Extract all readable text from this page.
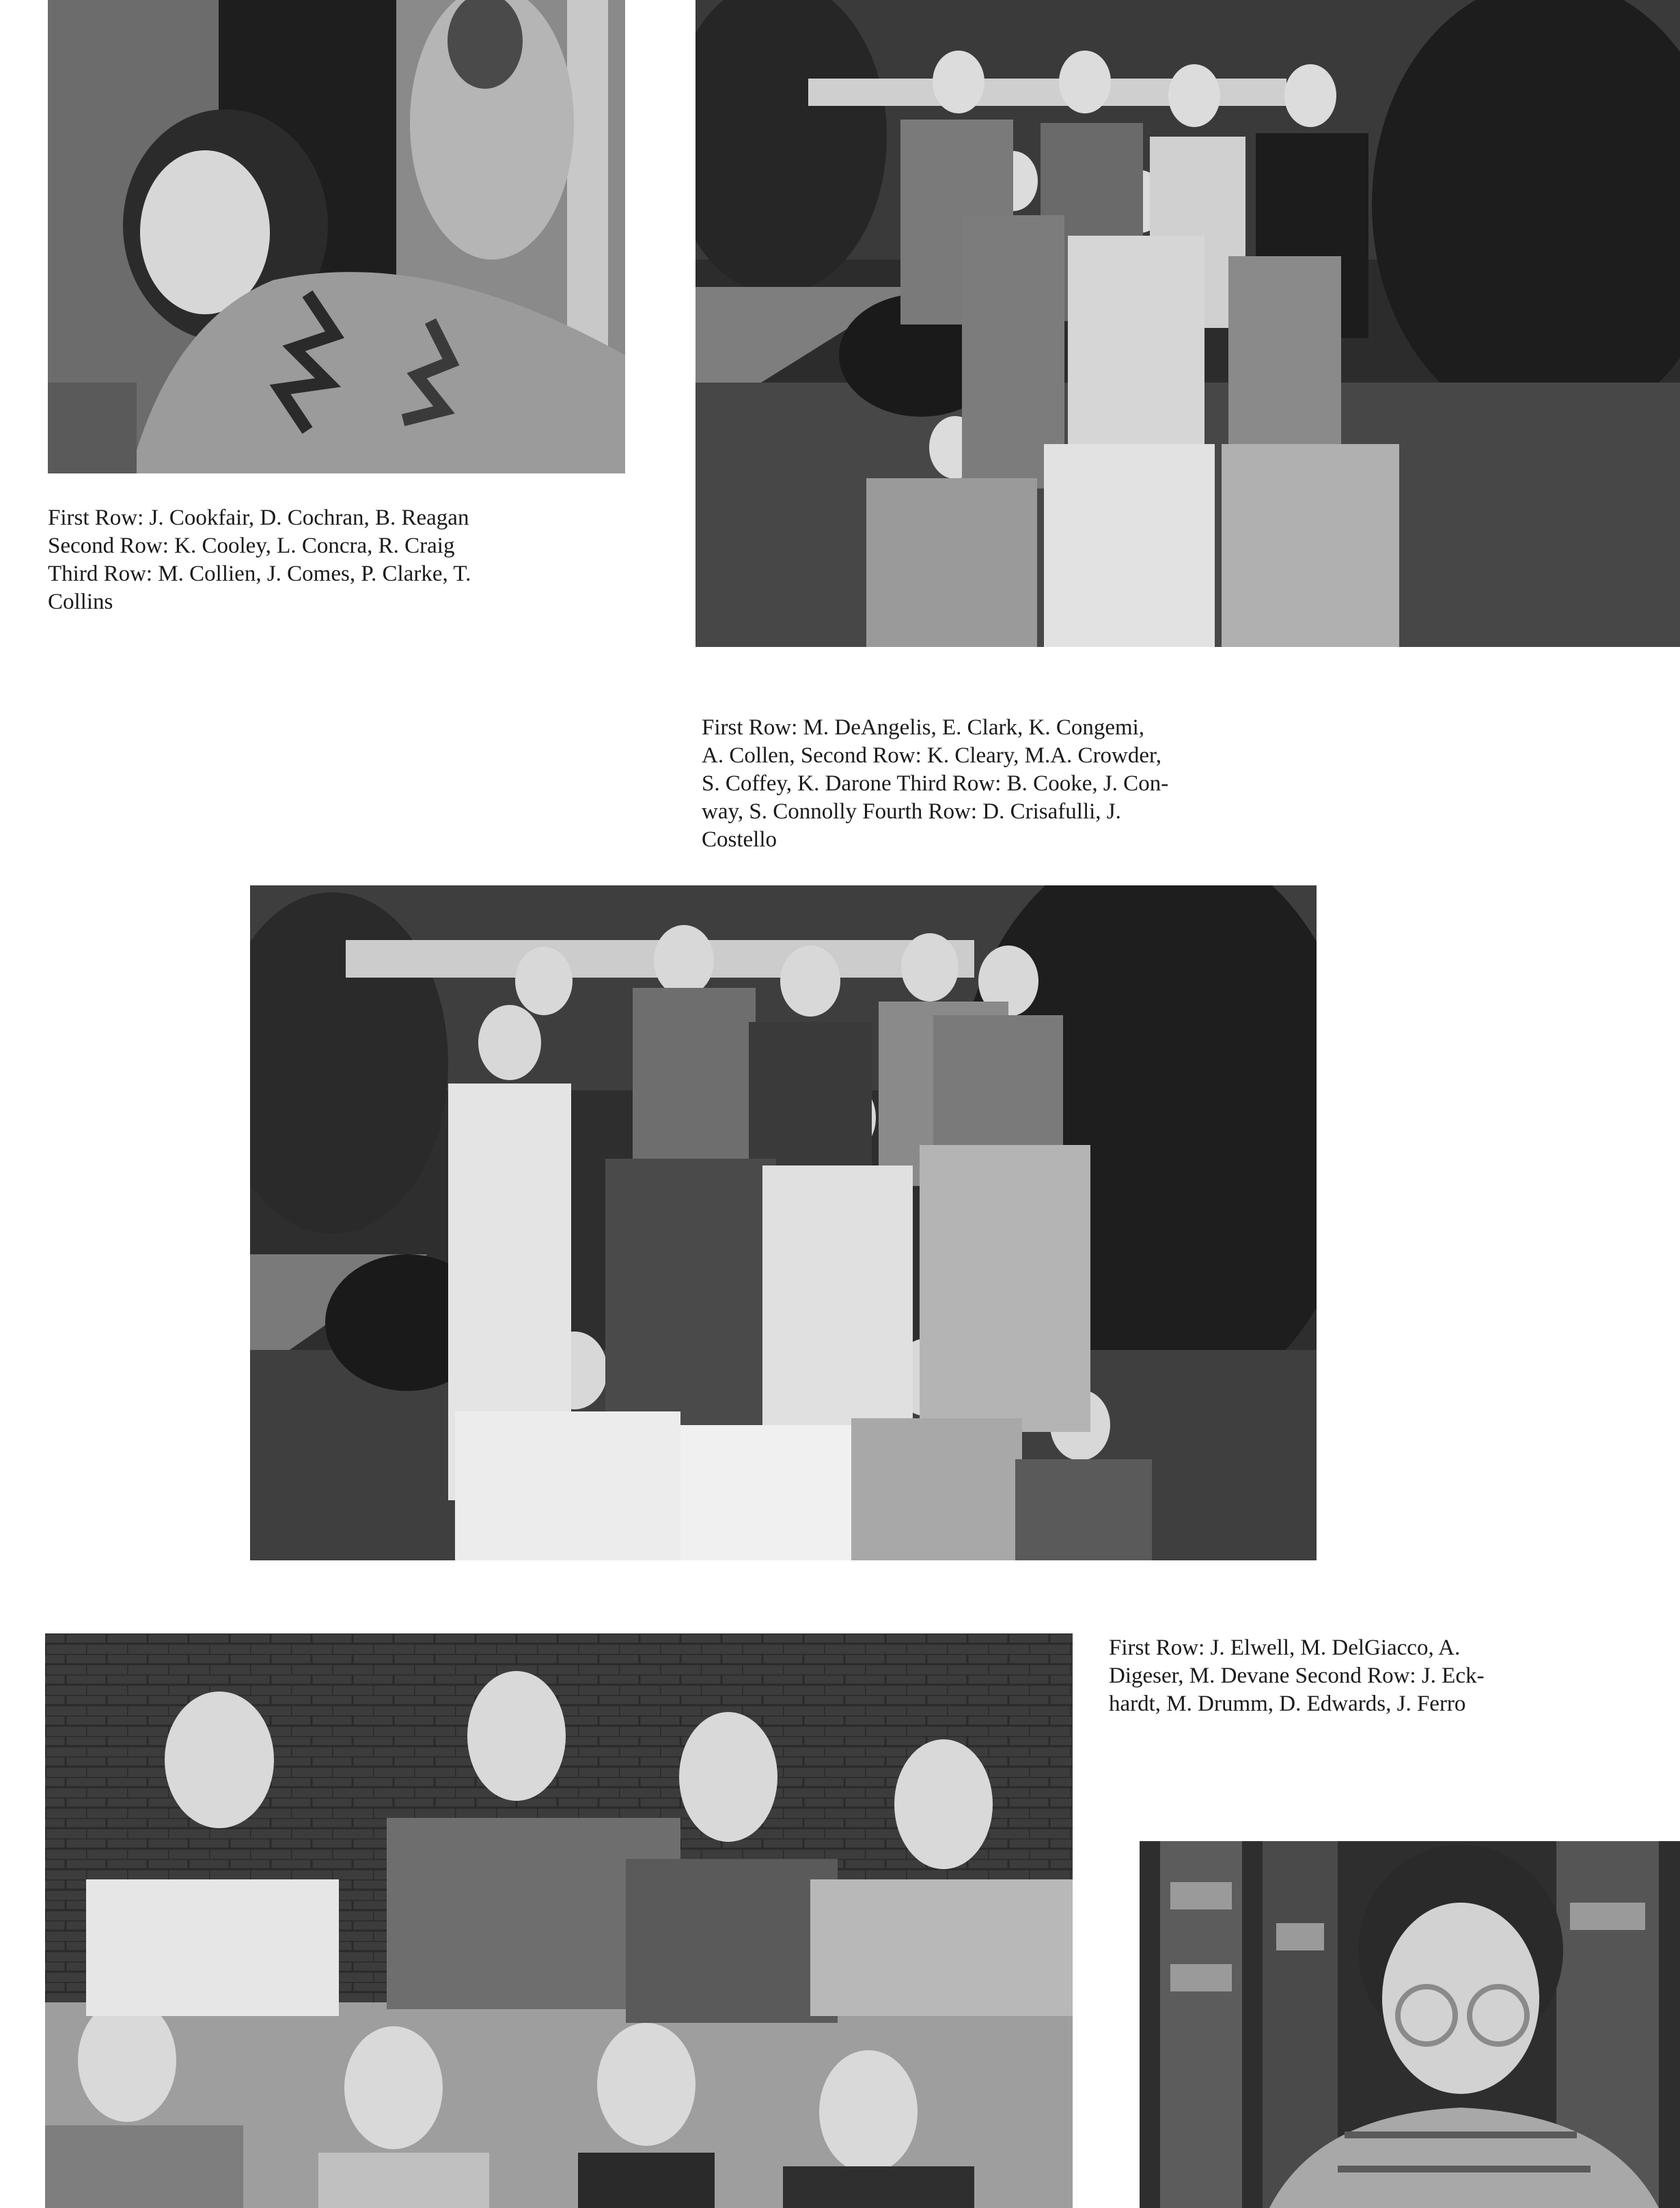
First Row: J. Cookfair, D. Cochran, B. Reagan
Second Row: K. Cooley, L. Concra, R. Craig
Third Row: M. Collien, J. Comes, P. Clarke, T.
Collins

First Row: M. DeAngelis, E. Clark, K. Congemi,
A. Collen, Second Row: K. Cleary, M.A. Crowder,
S. Coffey, K. Darone Third Row: B. Cooke, J. Con-
way, S. Connolly Fourth Row: D. Crisafulli, J.
Costello

First Row: J. Elwell, M. DelGiacco, A.
Digeser, M. Devane Second Row: J. Eck-
hardt, M. Drumm, D. Edwards, J. Ferro
